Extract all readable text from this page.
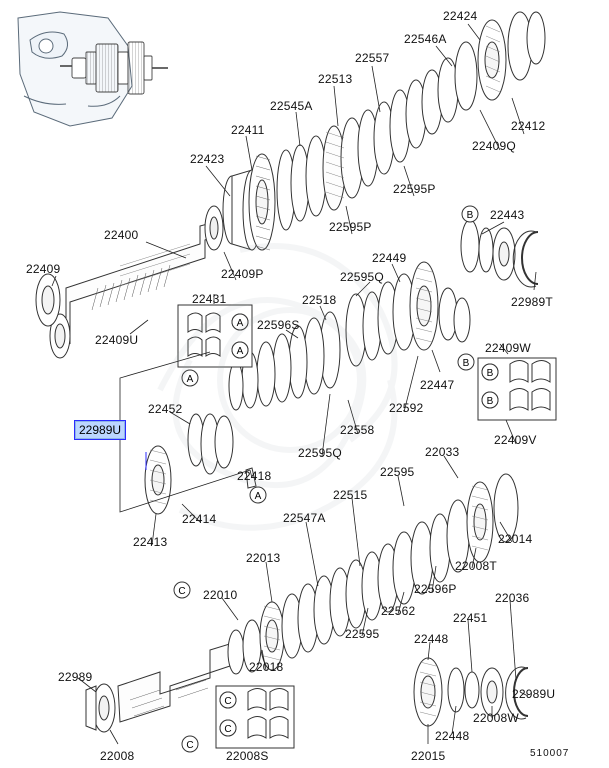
A
A
A
A
B
B
B
B
C
C
C
C
22424
22546A
22557
22513
22545A
22411	22412
22409Q
22423
22595P
22400
22595P
22443
22409	22409P
22449
22595Q
22989T
22431	22518
22409U
22596S
22409W
22447
22452	22592
22409V
22558
22595Q	22033
22418	22595
22515
22414	22547A
22014
22413
22008T
22013
22596P
22010	22036
22562	22451
22595	22448
22018
22989
22989U
22008W
22448
22008	22008S	22015
22989U
510007
